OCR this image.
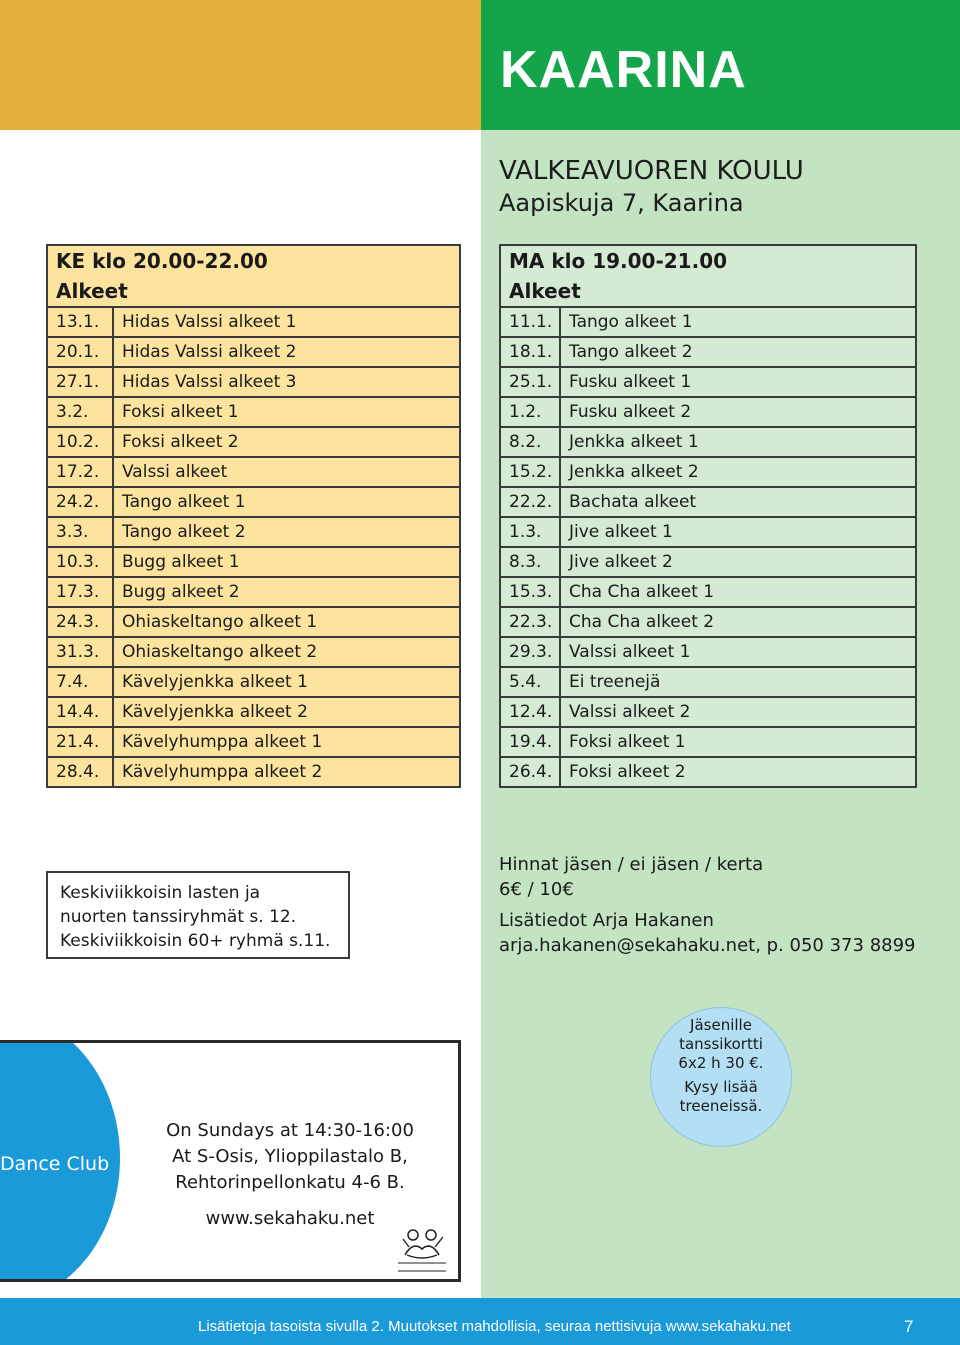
KAARINA
VALKEAVUOREN KOULU
Aapiskuja 7, Kaarina
KE klo 20.00-22.00	
Alkeet	
13.1.	Hidas Valssi alkeet 1
20.1.	Hidas Valssi alkeet 2
27.1.	Hidas Valssi alkeet 3
3.2.	Foksi alkeet 1
10.2.	Foksi alkeet 2
17.2.	Valssi alkeet
24.2.	Tango alkeet 1
3.3.	Tango alkeet 2
10.3.	Bugg alkeet 1
17.3.	Bugg alkeet 2
24.3.	Ohiaskeltango alkeet 1
31.3.	Ohiaskeltango alkeet 2
7.4.	Kävelyjenkka alkeet 1
14.4.	Kävelyjenkka alkeet 2
21.4.	Kävelyhumppa alkeet 1
28.4.	Kävelyhumppa alkeet 2
MA klo 19.00-21.00	
Alkeet	
11.1.	Tango alkeet 1
18.1.	Tango alkeet 2
25.1.	Fusku alkeet 1
1.2.	Fusku alkeet 2
8.2.	Jenkka alkeet 1
15.2.	Jenkka alkeet 2
22.2.	Bachata alkeet
1.3.	Jive alkeet 1
8.3.	Jive alkeet 2
15.3.	Cha Cha alkeet 1
22.3.	Cha Cha alkeet 2
29.3.	Valssi alkeet 1
5.4.	Ei treenejä
12.4.	Valssi alkeet 2
19.4.	Foksi alkeet 1
26.4.	Foksi alkeet 2
Keskiviikkoisin lasten ja
nuorten tanssiryhmät s. 12.
Keskiviikkoisin 60+ ryhmä s.11.
Hinnat jäsen / ei jäsen / kerta
6€ / 10€
Lisätiedot Arja Hakanen
arja.hakanen@sekahaku.net, p. 050 373 8899
Dance Club
On Sundays at 14:30-16:00
At S-Osis, Ylioppilastalo B,
Rehtorinpellonkatu 4-6 B.
www.sekahaku.net
Jäsenille
tanssikortti
6x2 h 30 €.
Kysy lisää
treeneissä.
Lisätietoja tasoista sivulla 2. Muutokset mahdollisia, seuraa nettisivuja www.sekahaku.net	7
